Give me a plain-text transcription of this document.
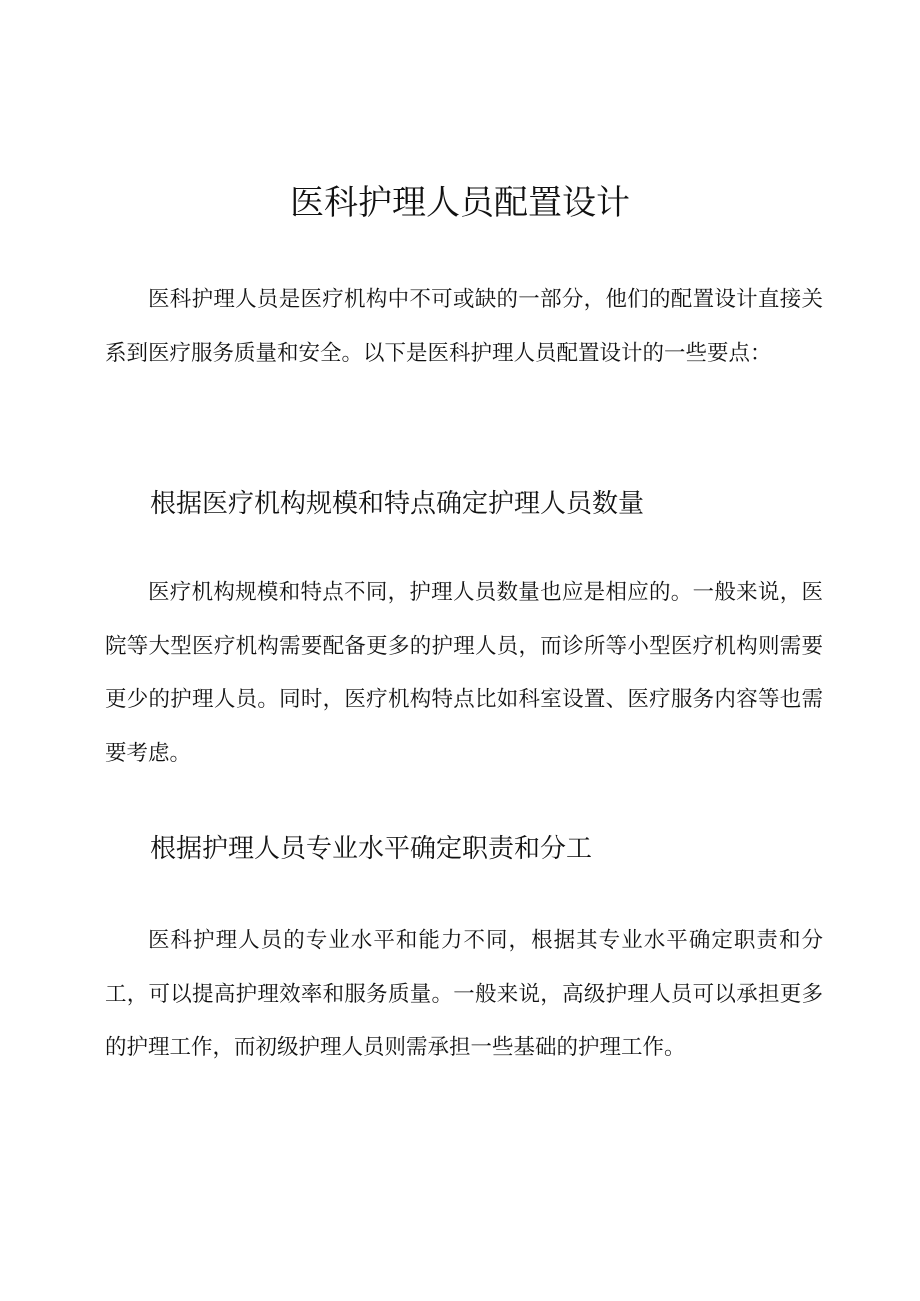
医科护理人员配置设计

医科护理人员是医疗机构中不可或缺的一部分，他们的配置设计直接关系到医疗服务质量和安全。以下是医科护理人员配置设计的一些要点：

根据医疗机构规模和特点确定护理人员数量

医疗机构规模和特点不同，护理人员数量也应是相应的。一般来说，医院等大型医疗机构需要配备更多的护理人员，而诊所等小型医疗机构则需要更少的护理人员。同时，医疗机构特点比如科室设置、医疗服务内容等也需要考虑。

根据护理人员专业水平确定职责和分工

医科护理人员的专业水平和能力不同，根据其专业水平确定职责和分工，可以提高护理效率和服务质量。一般来说，高级护理人员可以承担更多的护理工作，而初级护理人员则需承担一些基础的护理工作。
